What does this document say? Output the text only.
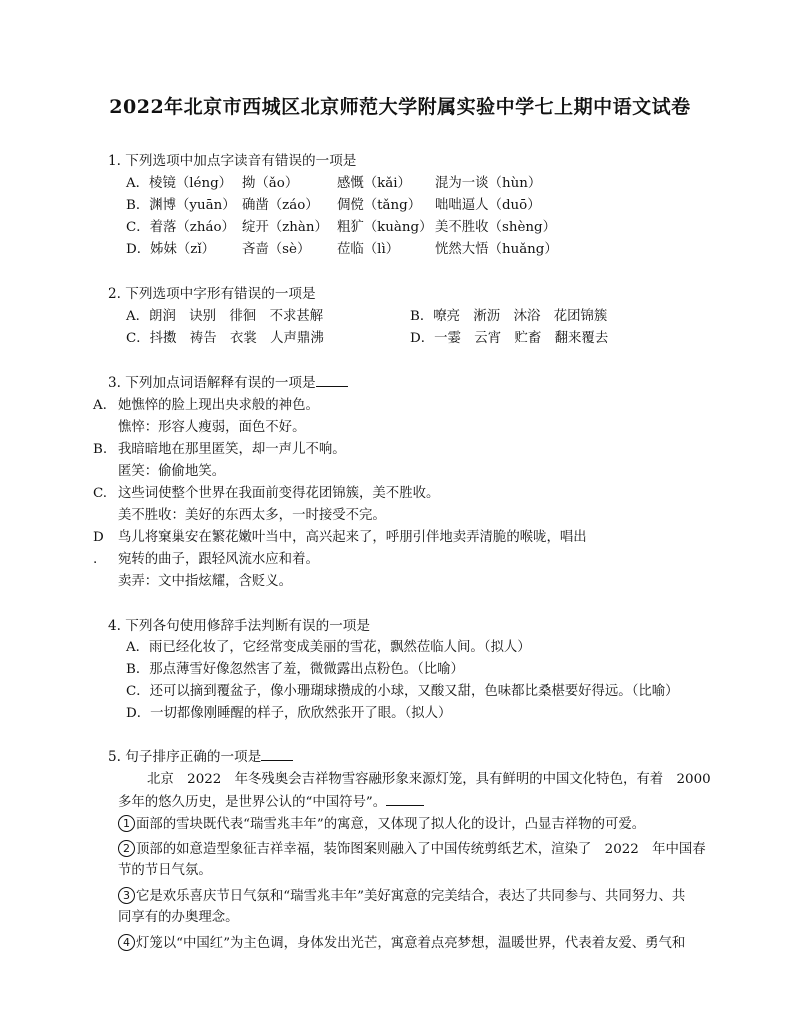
2022年北京市西城区北京师范大学附属实验中学七上期中语文试卷
1. 下列选项中加点字读音有错误的一项是
A．棱镜（léng） 拗（ǎo）	感慨（kǎi） 混为一谈（hùn）
B．渊博（yuān） 确凿（záo） 倜傥（tǎng） 咄咄逼人（duō）
C．着落（zháo） 绽开（zhàn） 粗犷（kuàng） 美不胜收（shèng）
D．姊妹（zǐ） 吝啬（sè） 莅临（lì）	恍然大悟（huǎng）
2. 下列选项中字形有错误的一项是
A．朗润　诀别　徘徊　不求甚解	B．嘹亮　淅沥　沐浴　花团锦簇
C．抖擞　祷告　衣裳　人声鼎沸	D．一霎　云宵　贮畜　翻来覆去
3. 下列加点词语解释有误的一项是
A. 她憔悴的脸上现出央求般的神色。
憔悴：形容人瘦弱，面色不好。
B. 我暗暗地在那里匿笑，却一声儿不响。
匿笑：偷偷地笑。
C. 这些词使整个世界在我面前变得花团锦簇，美不胜收。
美不胜收：美好的东西太多，一时接受不完。
D
.
鸟儿将窠巢安在繁花嫩叶当中，高兴起来了，呼朋引伴地卖弄清脆的喉咙，唱出
宛转的曲子，跟轻风流水应和着。
卖弄：文中指炫耀，含贬义。
4. 下列各句使用修辞手法判断有误的一项是
A．雨已经化妆了，它经常变成美丽的雪花，飘然莅临人间。（拟人）
B．那点薄雪好像忽然害了羞，微微露出点粉色。（比喻）
C．还可以摘到覆盆子，像小珊瑚球攒成的小球，又酸又甜，色味都比桑椹要好得远。（比喻）
D．一切都像刚睡醒的样子，欣欣然张开了眼。（拟人）
5. 句子排序正确的一项是
北京　2022　年冬残奥会吉祥物雪容融形象来源灯笼，具有鲜明的中国文化特色，有着　2000
多年的悠久历史，是世界公认的“中国符号”。
1 面部的雪块既代表“瑞雪兆丰年”的寓意，又体现了拟人化的设计，凸显吉祥物的可爱。
2 顶部的如意造型象征吉祥幸福，装饰图案则融入了中国传统剪纸艺术，渲染了　2022　年中国春
节的节日气氛。
3 它是欢乐喜庆节日气氛和“瑞雪兆丰年”美好寓意的完美结合，表达了共同参与、共同努力、共
同享有的办奥理念。
4 灯笼以“中国红”为主色调，身体发出光芒，寓意着点亮梦想，温暖世界，代表着友爱、勇气和
